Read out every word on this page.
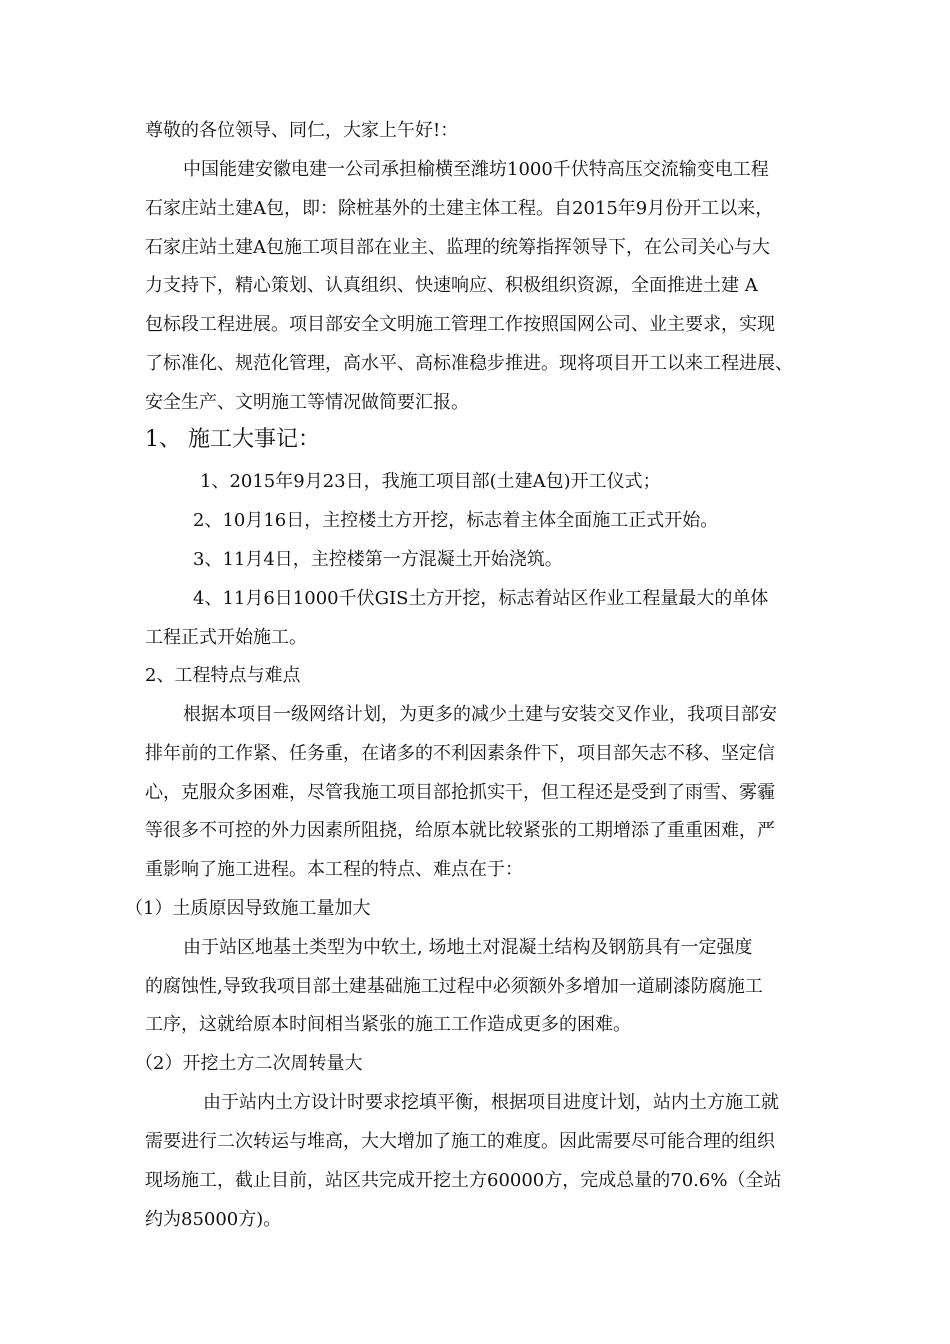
尊敬的各位领导、同仁，大家上午好!：
中国能建安徽电建一公司承担榆横至潍坊1000千伏特高压交流输变电工程
石家庄站土建A包，即：除桩基外的土建主体工程。自2015年9月份开工以来，
石家庄站土建A包施工项目部在业主、监理的统筹指挥领导下，在公司关心与大
力支持下，精心策划、认真组织、快速响应、积极组织资源，全面推进土建 A
包标段工程进展。项目部安全文明施工管理工作按照国网公司、业主要求，实现
了标准化、规范化管理，高水平、高标准稳步推进。现将项目开工以来工程进展、
安全生产、文明施工等情况做简要汇报。
1、 施工大事记：
1、2015年9月23日，我施工项目部(土建A包)开工仪式；
2、10月16日，主控楼土方开挖，标志着主体全面施工正式开始。
3、11月4日，主控楼第一方混凝土开始浇筑。
4、11月6日1000千伏GIS土方开挖，标志着站区作业工程量最大的单体
工程正式开始施工。
2、工程特点与难点
根据本项目一级网络计划，为更多的减少土建与安装交叉作业，我项目部安
排年前的工作紧、任务重，在诸多的不利因素条件下，项目部矢志不移、坚定信
心，克服众多困难，尽管我施工项目部抢抓实干，但工程还是受到了雨雪、雾霾
等很多不可控的外力因素所阻挠，给原本就比较紧张的工期增添了重重困难，严
重影响了施工进程。本工程的特点、难点在于：
（1）土质原因导致施工量加大
由于站区地基土类型为中软土, 场地土对混凝土结构及钢筋具有一定强度
的腐蚀性,导致我项目部土建基础施工过程中必须额外多增加一道刷漆防腐施工
工序，这就给原本时间相当紧张的施工工作造成更多的困难。
（2）开挖土方二次周转量大
由于站内土方设计时要求挖填平衡，根据项目进度计划，站内土方施工就
需要进行二次转运与堆高，大大增加了施工的难度。因此需要尽可能合理的组织
现场施工，截止目前，站区共完成开挖土方60000方，完成总量的70.6%（全站
约为85000方)。
